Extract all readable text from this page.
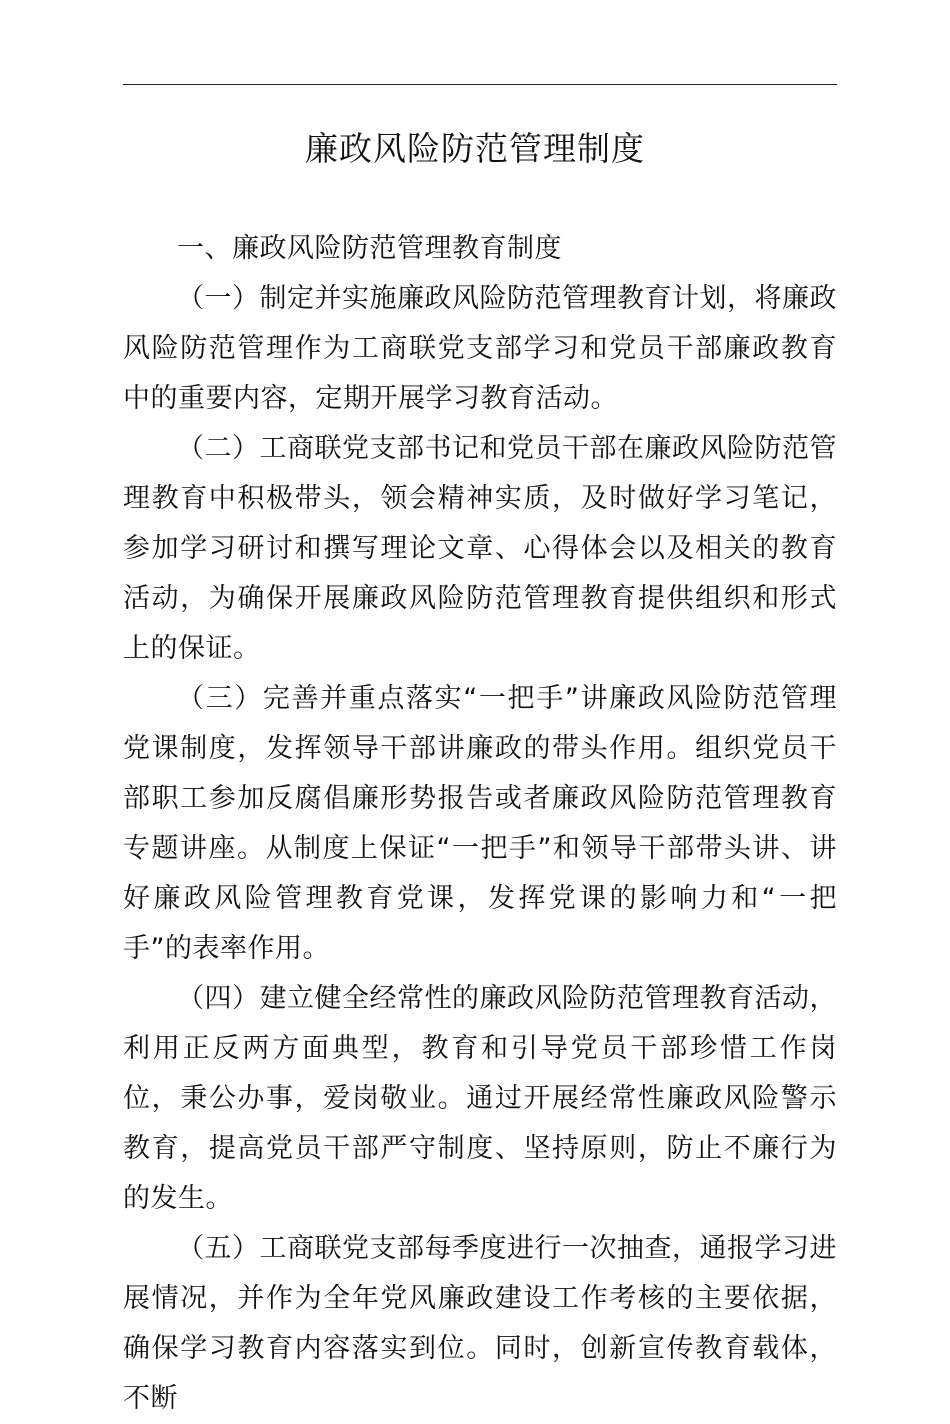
廉政风险防范管理制度

一、廉政风险防范管理教育制度

（一）制定并实施廉政风险防范管理教育计划，将廉政风险防范管理作为工商联党支部学习和党员干部廉政教育中的重要内容，定期开展学习教育活动。

（二）工商联党支部书记和党员干部在廉政风险防范管理教育中积极带头，领会精神实质，及时做好学习笔记，参加学习研讨和撰写理论文章、心得体会以及相关的教育活动，为确保开展廉政风险防范管理教育提供组织和形式上的保证。

（三）完善并重点落实“一把手”讲廉政风险防范管理党课制度，发挥领导干部讲廉政的带头作用。组织党员干部职工参加反腐倡廉形势报告或者廉政风险防范管理教育专题讲座。从制度上保证“一把手”和领导干部带头讲、讲好廉政风险管理教育党课，发挥党课的影响力和“一把手”的表率作用。

（四）建立健全经常性的廉政风险防范管理教育活动，利用正反两方面典型，教育和引导党员干部珍惜工作岗位，秉公办事，爱岗敬业。通过开展经常性廉政风险警示教育，提高党员干部严守制度、坚持原则，防止不廉行为的发生。

（五）工商联党支部每季度进行一次抽查，通报学习进展情况，并作为全年党风廉政建设工作考核的主要依据，确保学习教育内容落实到位。同时，创新宣传教育载体，不断
